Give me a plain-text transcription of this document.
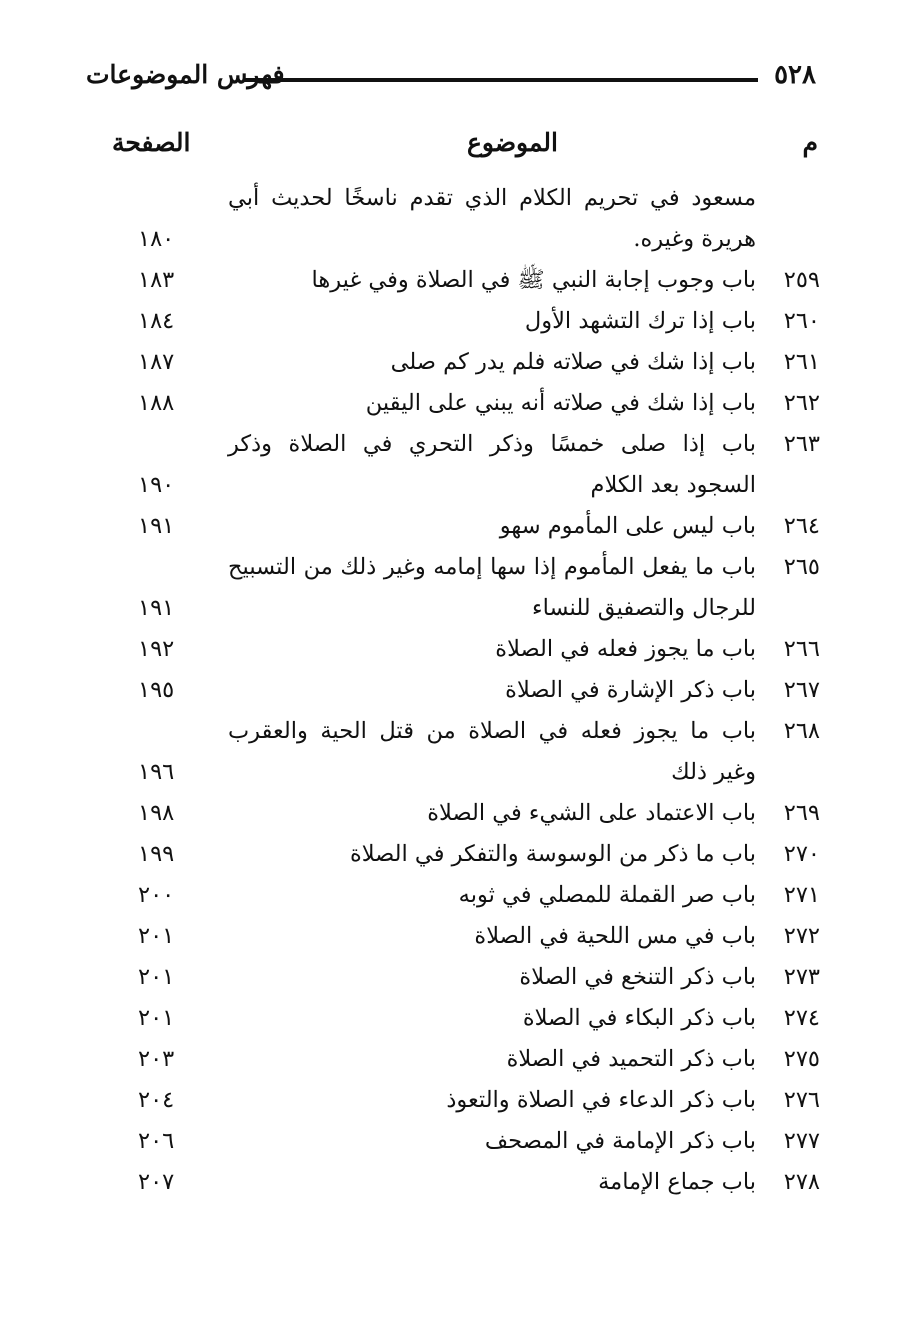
٥٢٨
فهرس الموضوعات
م
الموضوع
الصفحة
مسعود في تحريم الكلام الذي تقدم ناسخًا لحديث أبي هريرة وغيره.
١٨٠
٢٥٩
باب وجوب إجابة النبي ﷺ في الصلاة وفي غيرها
١٨٣
٢٦٠
باب إذا ترك التشهد الأول
١٨٤
٢٦١
باب إذا شك في صلاته فلم يدر كم صلى
١٨٧
٢٦٢
باب إذا شك في صلاته أنه يبني على اليقين
١٨٨
٢٦٣
باب إذا صلى خمسًا وذكر التحري في الصلاة وذكر السجود بعد الكلام
١٩٠
٢٦٤
باب ليس على المأموم سهو
١٩١
٢٦٥
باب ما يفعل المأموم إذا سها إمامه وغير ذلك من التسبيح للرجال والتصفيق للنساء
١٩١
٢٦٦
باب ما يجوز فعله في الصلاة
١٩٢
٢٦٧
باب ذكر الإشارة في الصلاة
١٩٥
٢٦٨
باب ما يجوز فعله في الصلاة من قتل الحية والعقرب وغير ذلك
١٩٦
٢٦٩
باب الاعتماد على الشيء في الصلاة
١٩٨
٢٧٠
باب ما ذكر من الوسوسة والتفكر في الصلاة
١٩٩
٢٧١
باب صر القملة للمصلي في ثوبه
٢٠٠
٢٧٢
باب في مس اللحية في الصلاة
٢٠١
٢٧٣
باب ذكر التنخع في الصلاة
٢٠١
٢٧٤
باب ذكر البكاء في الصلاة
٢٠١
٢٧٥
باب ذكر التحميد في الصلاة
٢٠٣
٢٧٦
باب ذكر الدعاء في الصلاة والتعوذ
٢٠٤
٢٧٧
باب ذكر الإمامة في المصحف
٢٠٦
٢٧٨
باب جماع الإمامة
٢٠٧
